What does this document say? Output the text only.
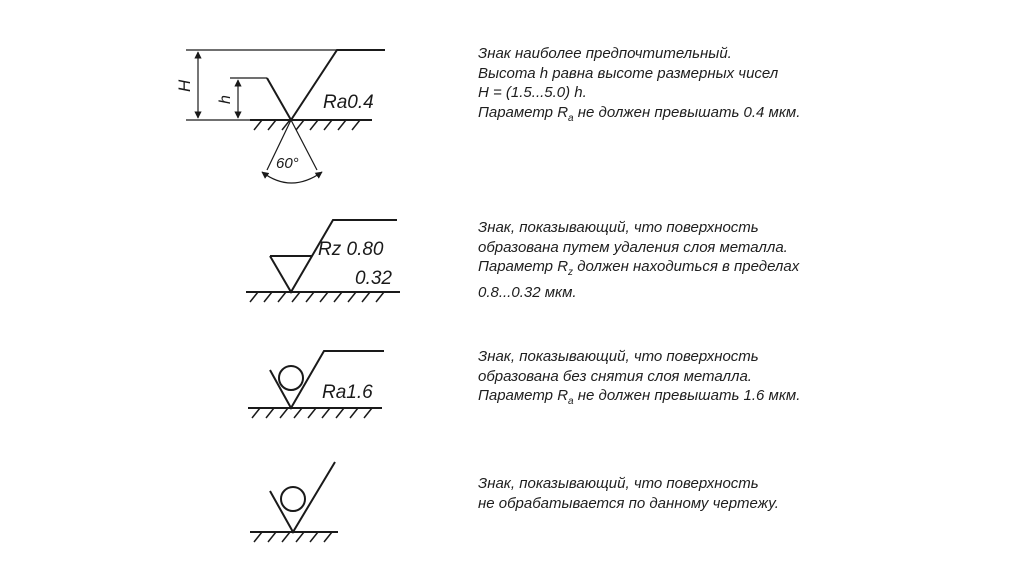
H
h	Ra0.4
60°
Rz 0.80
0.32
Ra1.6
Знак наиболее предпочтительный.
Высота h равна высоте размерных чисел
H = (1.5...5.0) h.
Параметр $R_a$ не должен превышать 0.4 мкм.
Знак, показывающий, что поверхность
образована путем удаления слоя металла.
Параметр $R_z$ должен находиться в пределах
0.8...0.32 мкм.
Знак, показывающий, что поверхность
образована без снятия слоя металла.
Параметр $R_a$ не должен превышать 1.6 мкм.
Знак, показывающий, что поверхность
не обрабатывается по данному чертежу.
